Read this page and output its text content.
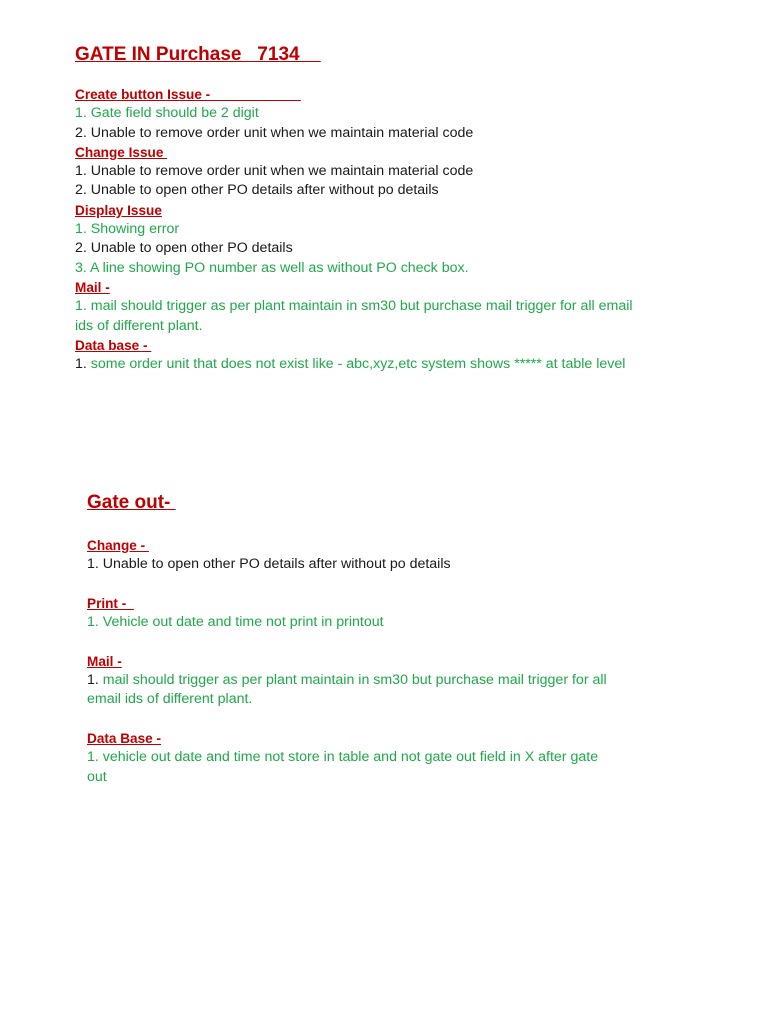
GATE IN Purchase   7134
Create button Issue -
1. Gate field should be 2 digit
2. Unable to remove order unit when we maintain material code
Change Issue
1. Unable to remove order unit when we maintain material code
2. Unable to open other PO details after without po details
Display Issue
1. Showing error
2. Unable to open other PO details
3. A line showing PO number as well as without PO check box.
Mail -
1. mail should trigger as per plant maintain in sm30 but purchase mail trigger for all email ids of different plant.
Data base -
1. some order unit that does not exist like - abc,xyz,etc system shows ***** at table level
Gate out-
Change -
1. Unable to open other PO details after without po details
Print -
1. Vehicle out date and time not print in printout
Mail -
1. mail should trigger as per plant maintain in sm30 but purchase mail trigger for all email ids of different plant.
Data Base -
1. vehicle out date and time not store in table and not gate out field in X after gate out
